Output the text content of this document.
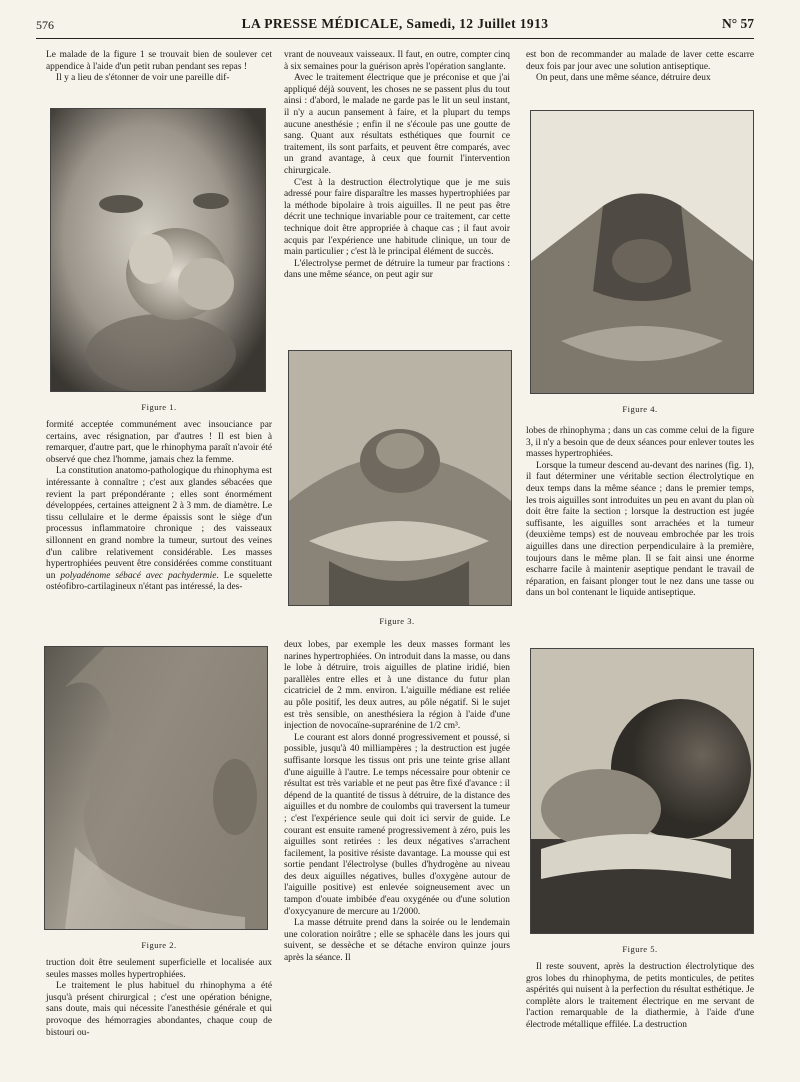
576	LA PRESSE MÉDICALE, Samedi, 12 Juillet 1913	N° 57

Le malade de la figure 1 se trouvait bien de soulever cet appendice à l'aide d'un petit ruban pendant ses repas !

Il y a lieu de s'étonner de voir une pareille dif-

Figure 1.

formité acceptée communément avec insouciance par certains, avec résignation, par d'autres ! Il est bien à remarquer, d'autre part, que le rhinophyma paraît n'avoir été observé que chez l'homme, jamais chez la femme.

La constitution anatomo-pathologique du rhinophyma est intéressante à connaître ; c'est aux glandes sébacées que revient la part prépondérante ; elles sont énormément développées, certaines atteignent 2 à 3 mm. de diamètre. Le tissu cellulaire et le derme épaissis sont le siège d'un processus inflammatoire chronique ; des vaisseaux sillonnent en grand nombre la tumeur, surtout des veines d'un calibre relativement considérable. Les masses hypertrophiées peuvent être considérées comme constituant un polyadénome sébacé avec pachydermie. Le squelette ostéofibro-cartilagineux n'étant pas intéressé, la des-

Figure 2.

truction doit être seulement superficielle et localisée aux seules masses molles hypertrophiées.

Le traitement le plus habituel du rhinophyma a été jusqu'à présent chirurgical ; c'est une opération bénigne, sans doute, mais qui nécessite l'anesthésie générale et qui provoque des hémorragies abondantes, chaque coup de bistouri ou-

vrant de nouveaux vaisseaux. Il faut, en outre, compter cinq à six semaines pour la guérison après l'opération sanglante.

Avec le traitement électrique que je préconise et que j'ai appliqué déjà souvent, les choses ne se passent plus du tout ainsi : d'abord, le malade ne garde pas le lit un seul instant, il n'y a aucun pansement à faire, et la plupart du temps aucune anesthésie ; enfin il ne s'écoule pas une goutte de sang. Quant aux résultats esthétiques que fournit ce traitement, ils sont parfaits, et peuvent être comparés, avec un grand avantage, à ceux que fournit l'intervention chirurgicale.

C'est à la destruction électrolytique que je me suis adressé pour faire disparaître les masses hypertrophiées par la méthode bipolaire à trois aiguilles. Il ne peut pas être décrit une technique invariable pour ce traitement, car cette technique doit être appropriée à chaque cas ; il faut avoir acquis par l'expérience une habitude clinique, un tour de main particulier ; c'est là le principal élément de succès.

L'électrolyse permet de détruire la tumeur par fractions : dans une même séance, on peut agir sur

Figure 3.

deux lobes, par exemple les deux masses formant les narines hypertrophiées. On introduit dans la masse, ou dans le lobe à détruire, trois aiguilles de platine iridié, bien parallèles entre elles et à une distance du futur plan cicatriciel de 2 mm. environ. L'aiguille médiane est reliée au pôle positif, les deux autres, au pôle négatif. Si le sujet est très sensible, on anesthésiera la région à l'aide d'une injection de novocaïne-suprarénine de 1/2 cm³.

Le courant est alors donné progressivement et poussé, si possible, jusqu'à 40 milliampères ; la destruction est jugée suffisante lorsque les tissus ont pris une teinte grise allant d'une aiguille à l'autre. Le temps nécessaire pour obtenir ce résultat est très variable et ne peut pas être fixé d'avance : il dépend de la quantité de tissus à détruire, de la distance des aiguilles et du nombre de coulombs qui traversent la tumeur ; c'est l'expérience seule qui doit ici servir de guide. Le courant est ensuite ramené progressivement à zéro, puis les aiguilles sont retirées : les deux négatives s'arrachent facilement, la positive résiste davantage. La mousse qui est sortie pendant l'électrolyse (bulles d'hydrogène au niveau des deux aiguilles négatives, bulles d'oxygène autour de l'aiguille positive) est enlevée soigneusement avec un tampon d'ouate imbibée d'eau oxygénée ou d'une solution d'oxycyanure de mercure au 1/2000.

La masse détruite prend dans la soirée ou le lendemain une coloration noirâtre ; elle se sphacèle dans les jours qui suivent, se dessèche et se détache environ quinze jours après la séance. Il

est bon de recommander au malade de laver cette escarre deux fois par jour avec une solution antiseptique.

On peut, dans une même séance, détruire deux

Figure 4.

lobes de rhinophyma ; dans un cas comme celui de la figure 3, il n'y a besoin que de deux séances pour enlever toutes les masses hypertrophiées.

Lorsque la tumeur descend au-devant des narines (fig. 1), il faut déterminer une véritable section électrolytique en deux temps dans la même séance ; dans le premier temps, les trois aiguilles sont introduites un peu en avant du plan où doit être faite la section ; lorsque la destruction est jugée suffisante, les aiguilles sont arrachées et la tumeur (deuxième temps) est de nouveau embrochée par les trois aiguilles dans une direction perpendiculaire à la première, toujours dans le même plan. Il se fait ainsi une énorme escharre facile à maintenir aseptique pendant le travail de réparation, en faisant plonger tout le nez dans une tasse ou dans un bol contenant le liquide antiseptique.

Figure 5.

Il reste souvent, après la destruction électrolytique des gros lobes du rhinophyma, de petits monticules, de petites aspérités qui nuisent à la perfection du résultat esthétique. Je complète alors le traitement électrique en me servant de l'action remarquable de la diathermie, à l'aide d'une électrode métallique effilée. La destruction
